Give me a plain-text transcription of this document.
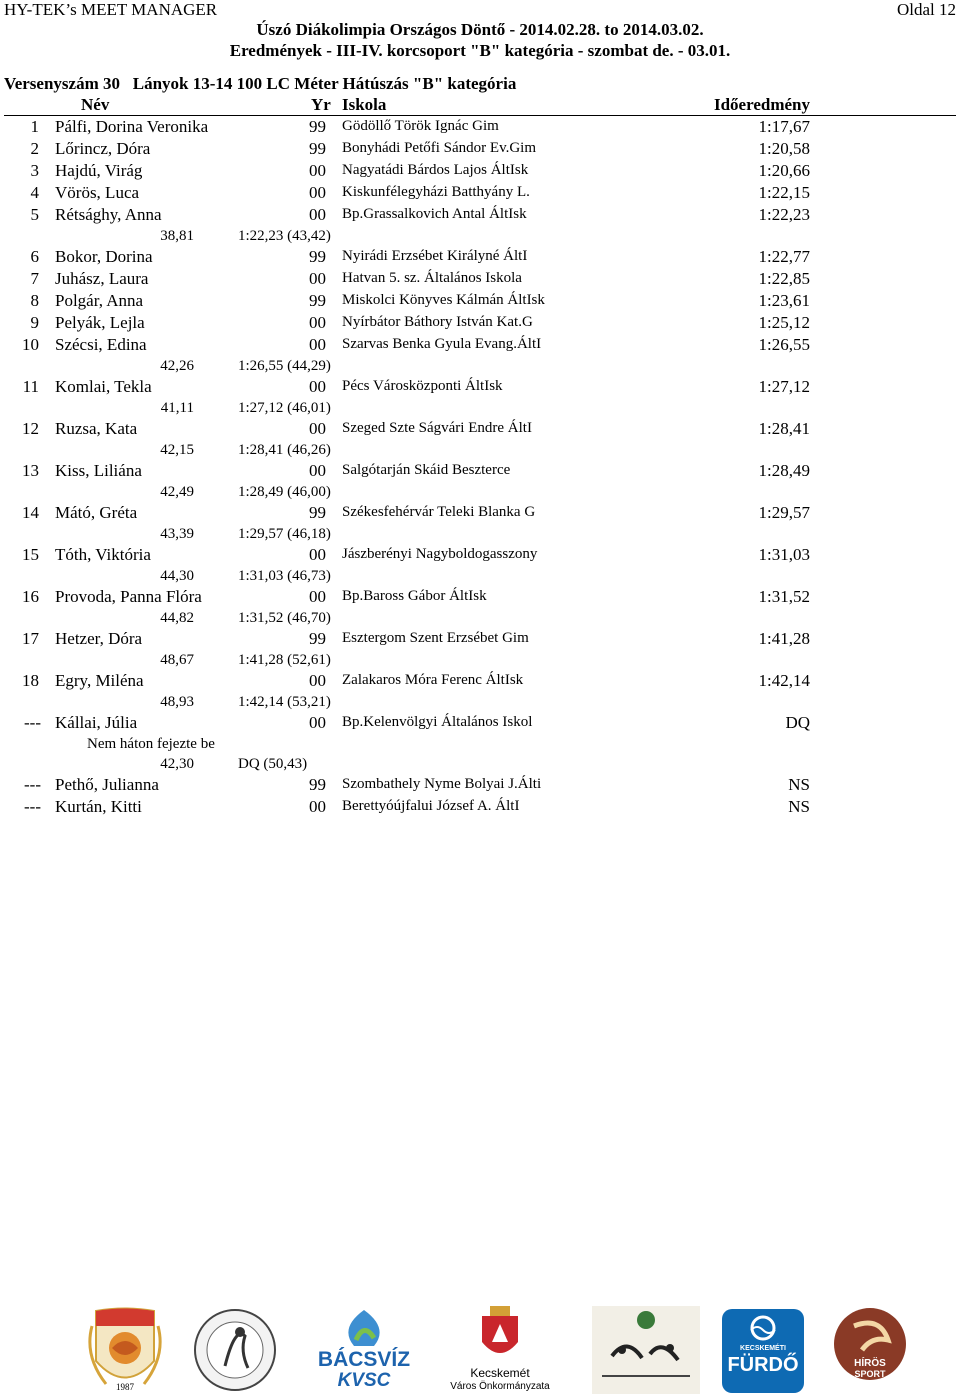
HY-TEK’s MEET MANAGER	Oldal 12
Úszó Diákolimpia Országos Döntő - 2014.02.28. to 2014.03.02.
Eredmények - III-IV. korcsoport "B" kategória - szombat de. - 03.01.
Versenyszám 30   Lányok 13-14 100 LC Méter Hátúszás "B" kategória
Név	Yr Iskola	Időeredmény
1 Pálfi, Dorina Veronika	99 Gödöllő Török Ignác Gim	1:17,67
2 Lőrincz, Dóra	99 Bonyhádi Petőfi Sándor Ev.Gim	1:20,58
3 Hajdú, Virág	00 Nagyatádi Bárdos Lajos ÁltIsk	1:20,66
4 Vörös, Luca	00 Kiskunfélegyházi Batthyány L.	1:22,15
5 Rétsághy, Anna	00 Bp.Grassalkovich Antal ÁltIsk	1:22,23
38,81	1:22,23 (43,42)
6 Bokor, Dorina	99 Nyirádi Erzsébet Királyné ÁltI	1:22,77
7 Juhász, Laura	00 Hatvan 5. sz. Általános Iskola	1:22,85
8 Polgár, Anna	99 Miskolci Könyves Kálmán ÁltIsk	1:23,61
9 Pelyák, Lejla	00 Nyírbátor Báthory István Kat.G	1:25,12
10 Szécsi, Edina	00 Szarvas Benka Gyula Evang.ÁltI	1:26,55
42,26	1:26,55 (44,29)
11 Komlai, Tekla	00 Pécs Városközponti ÁltIsk	1:27,12
41,11	1:27,12 (46,01)
12 Ruzsa, Kata	00 Szeged Szte Ságvári Endre ÁltI	1:28,41
42,15	1:28,41 (46,26)
13 Kiss, Liliána	00 Salgótarján Skáid Beszterce	1:28,49
42,49	1:28,49 (46,00)
14 Mátó, Gréta	99 Székesfehérvár Teleki Blanka G	1:29,57
43,39	1:29,57 (46,18)
15 Tóth, Viktória	00 Jászberényi Nagyboldogasszony	1:31,03
44,30	1:31,03 (46,73)
16 Provoda, Panna Flóra	00 Bp.Baross Gábor ÁltIsk	1:31,52
44,82	1:31,52 (46,70)
17 Hetzer, Dóra	99 Esztergom Szent Erzsébet Gim	1:41,28
48,67	1:41,28 (52,61)
18 Egry, Miléna	00 Zalakaros Móra Ferenc ÁltIsk	1:42,14
48,93	1:42,14 (53,21)
--- Kállai, Júlia	00 Bp.Kelenvölgyi Általános Iskol	DQ
Nem háton fejezte be
42,30	DQ (50,43)
--- Pethő, Julianna	99 Szombathely Nyme Bolyai J.Álti	NS
--- Kurtán, Kitti	00 Berettyóújfalui József A. ÁltI	NS
1987
BÁCSVÍZ
KVSC	Kecskemét
Város Önkormányzata
KECSKEMÉTI
FÜRDŐ	HÍRÖS
SPORT
